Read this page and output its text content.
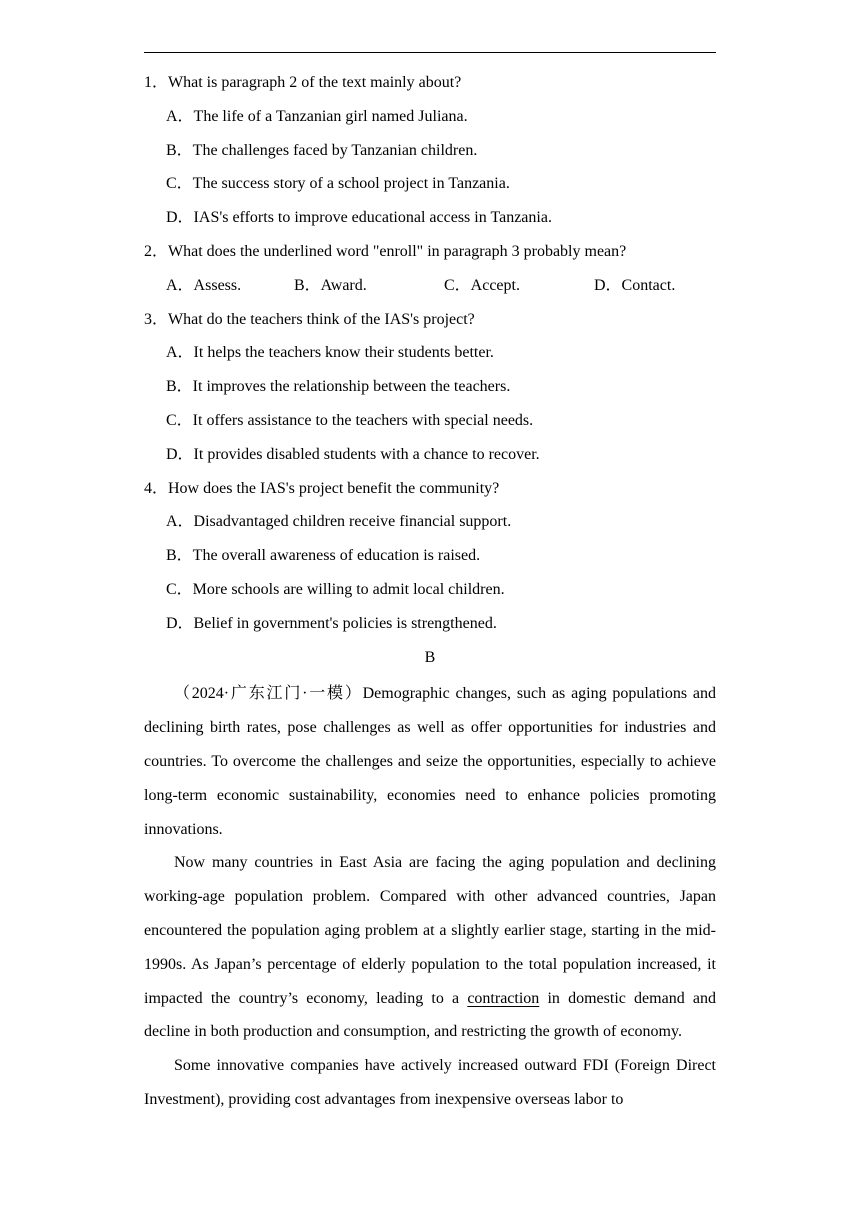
1．What is paragraph 2 of the text mainly about?
A．The life of a Tanzanian girl named Juliana.
B．The challenges faced by Tanzanian children.
C．The success story of a school project in Tanzania.
D．IAS's efforts to improve educational access in Tanzania.
2．What does the underlined word "enroll" in paragraph 3 probably mean?
A．Assess.	B．Award.	C．Accept.	D．Contact.
3．What do the teachers think of the IAS's project?
A．It helps the teachers know their students better.
B．It improves the relationship between the teachers.
C．It offers assistance to the teachers with special needs.
D．It provides disabled students with a chance to recover.
4．How does the IAS's project benefit the community?
A．Disadvantaged children receive financial support.
B．The overall awareness of education is raised.
C．More schools are willing to admit local children.
D．Belief in government's policies is strengthened.
B

（2024·广东江门·一模）Demographic changes, such as aging populations and declining birth rates, pose challenges as well as offer opportunities for industries and countries. To overcome the challenges and seize the opportunities, especially to achieve long-term economic sustainability, economies need to enhance policies promoting innovations.

Now many countries in East Asia are facing the aging population and declining working-age population problem. Compared with other advanced countries, Japan encountered the population aging problem at a slightly earlier stage, starting in the mid-1990s. As Japan’s percentage of elderly population to the total population increased, it impacted the country’s economy, leading to a contraction in domestic demand and decline in both production and consumption, and restricting the growth of economy.

Some innovative companies have actively increased outward FDI (Foreign Direct Investment), providing cost advantages from inexpensive overseas labor to
